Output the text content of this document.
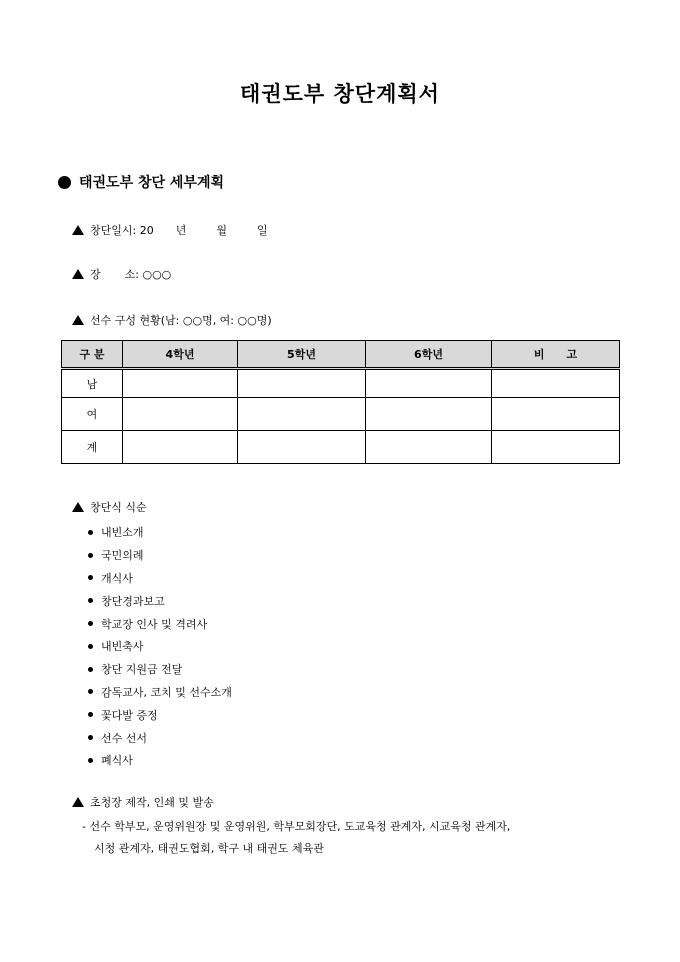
태권도부 창단계획서
태권도부 창단 세부계획
창단일시: 20 년	월	일
장 소: ○○○
선수 구성 현황(남: ○○명, 여: ○○명)
구 분	4학년	5학년	6학년	비　　고
남				
여				
계				
창단식 식순
내빈소개
국민의례
개식사
창단경과보고
학교장 인사 및 격려사
내빈축사
창단 지원금 전달
감독교사, 코치 및 선수소개
꽃다발 증정
선수 선서
폐식사
초청장 제작, 인쇄 및 발송
- 선수 학부모, 운영위원장 및 운영위원, 학부모회장단, 도교육청 관계자, 시교육청 관계자,
시청 관계자, 태권도협회, 학구 내 태권도 체육관
